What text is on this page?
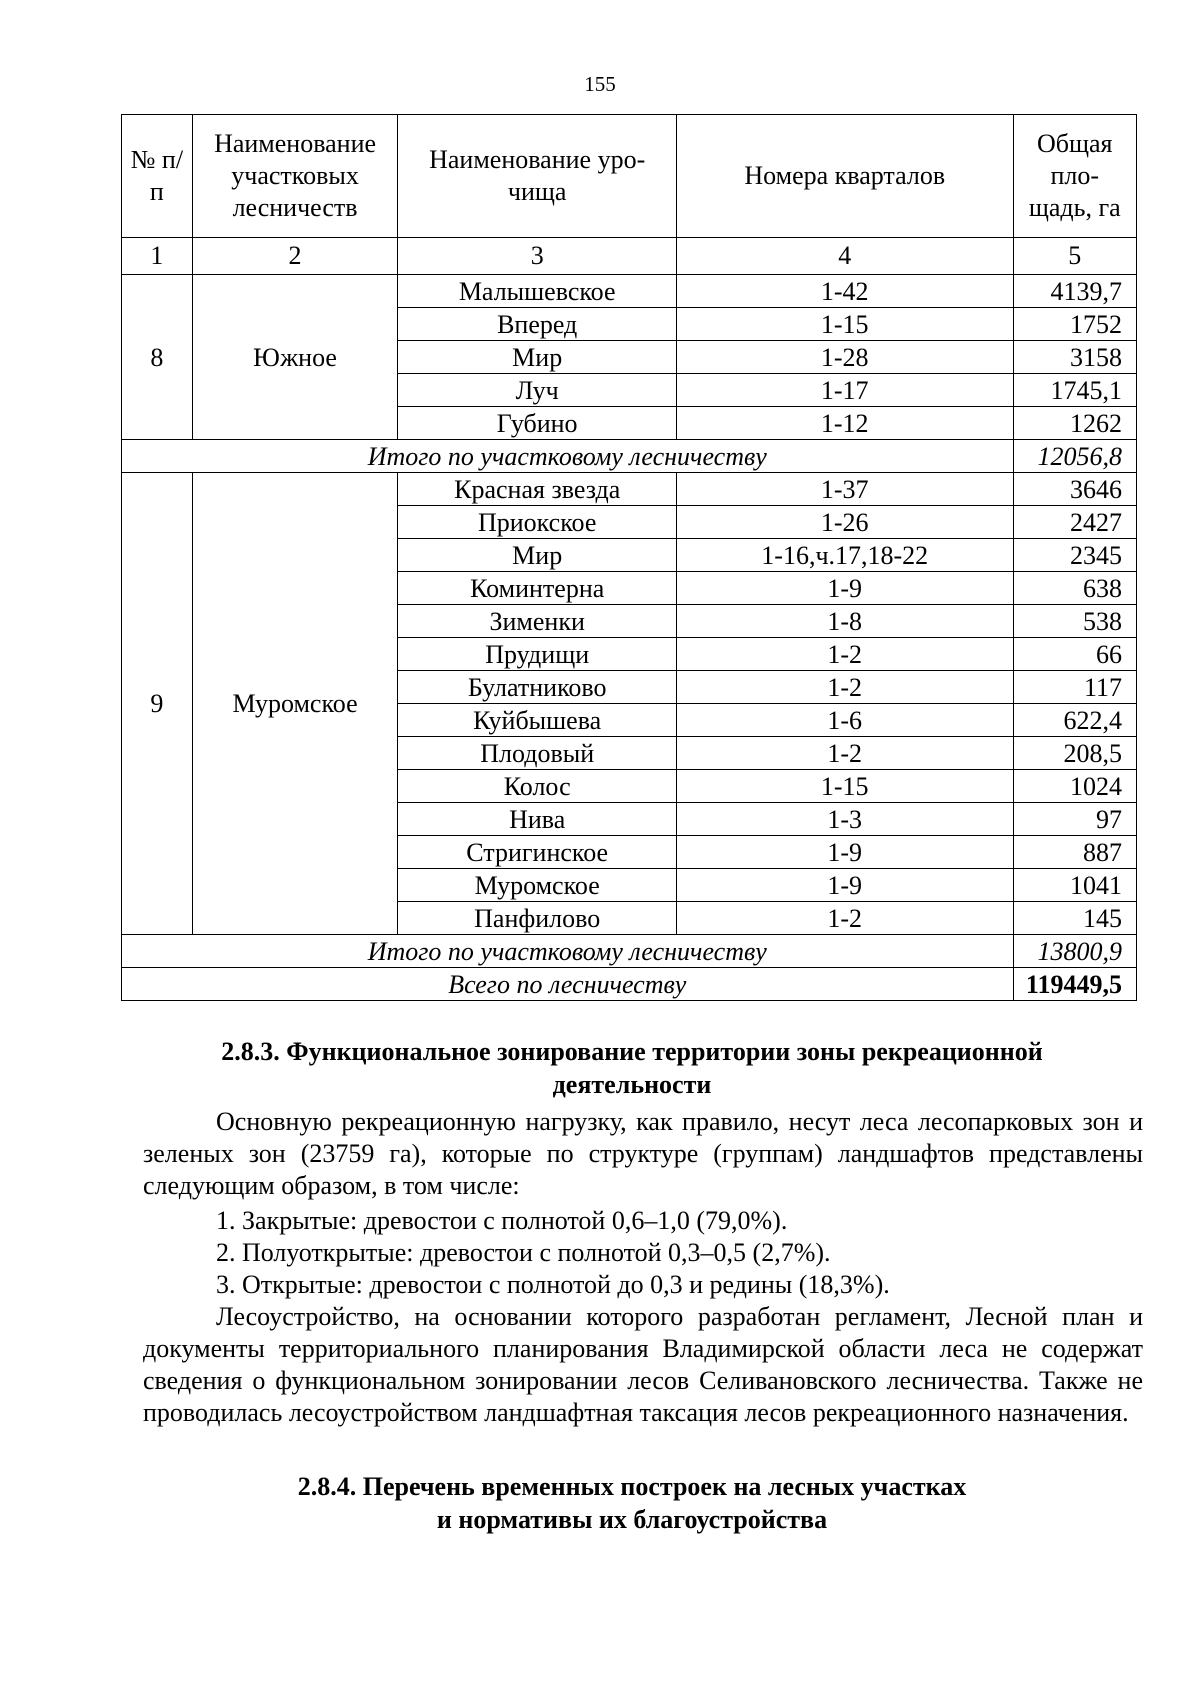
155
№ п/п	Наименование участковых лесничеств	Наименование уро-чища	Номера кварталов	Общая пло-щадь, га
1	2	3	4	5
8	Южное	Малышевское	1-42	4139,7
		Вперед	1-15	1752
		Мир	1-28	3158
		Луч	1-17	1745,1
		Губино	1-12	1262
Итого по участковому лесничеству				12056,8
9	Муромское	Красная звезда	1-37	3646
		Приокское	1-26	2427
		Мир	1-16,ч.17,18-22	2345
		Коминтерна	1-9	638
		Зименки	1-8	538
		Прудищи	1-2	66
		Булатниково	1-2	117
		Куйбышева	1-6	622,4
		Плодовый	1-2	208,5
		Колос	1-15	1024
		Нива	1-3	97
		Стригинское	1-9	887
		Муромское	1-9	1041
		Панфилово	1-2	145
Итого по участковому лесничеству				13800,9
Всего по лесничеству				119449,5
2.8.3. Функциональное зонирование территории зоны рекреационной
деятельности
Основную рекреационную нагрузку, как правило, несут леса лесопарковых зон и зеленых зон (23759 га), которые по структуре (группам) ландшафтов представлены следующим образом, в том числе:
1. Закрытые: древостои с полнотой 0,6–1,0 (79,0%).
2. Полуоткрытые: древостои с полнотой 0,3–0,5 (2,7%).
3. Открытые: древостои с полнотой до 0,3 и редины (18,3%).
Лесоустройство, на основании которого разработан регламент, Лесной план и документы территориального планирования Владимирской области леса не содержат сведения о функциональном зонировании лесов Селивановского лесничества. Также не проводилась лесоустройством ландшафтная таксация лесов рекреационного назначения.
2.8.4. Перечень временных построек на лесных участках
и нормативы их благоустройства
